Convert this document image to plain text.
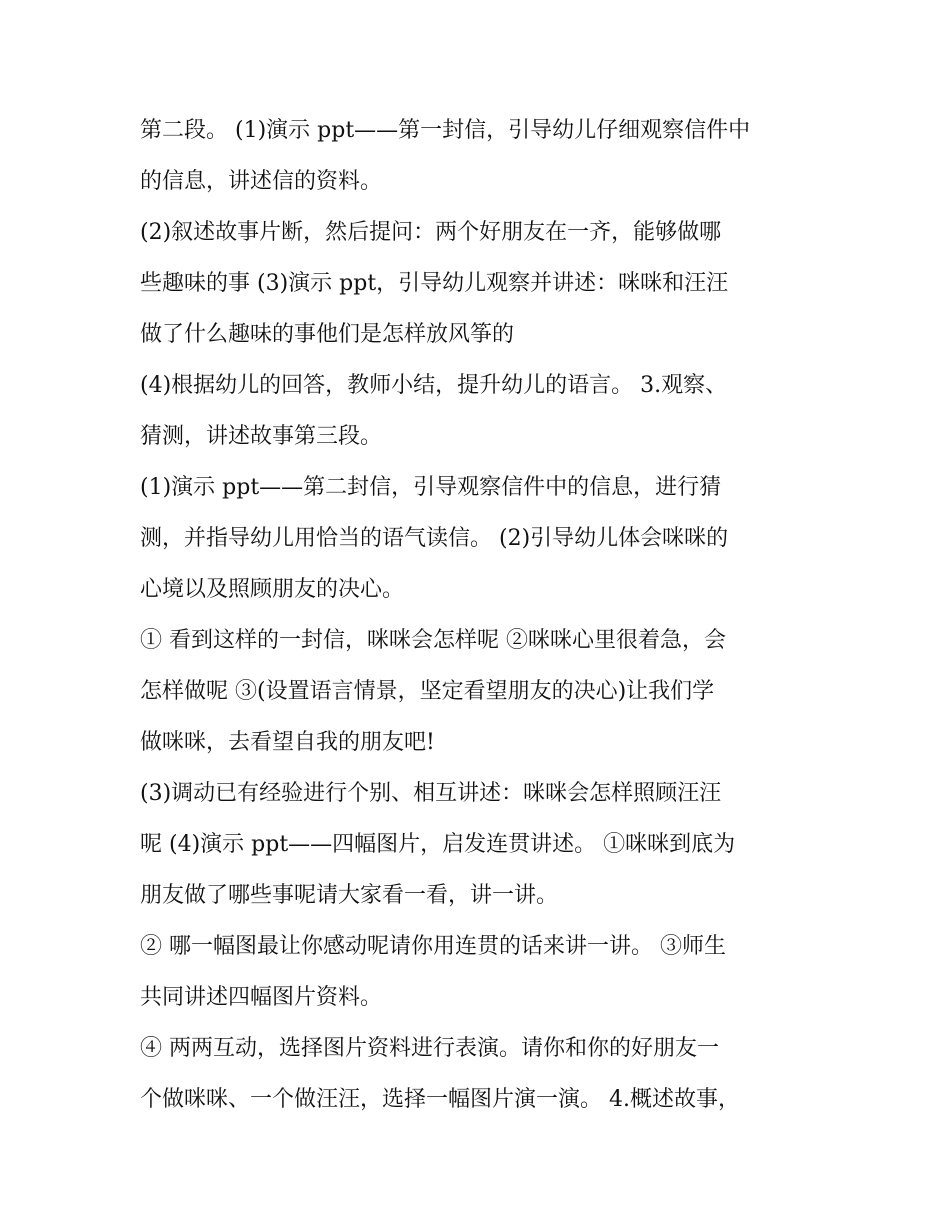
第二段。 (1)演示 ppt——第一封信，引导幼儿仔细观察信件中
的信息，讲述信的资料。
(2)叙述故事片断，然后提问：两个好朋友在一齐，能够做哪
些趣味的事 (3)演示 ppt，引导幼儿观察并讲述：咪咪和汪汪
做了什么趣味的事他们是怎样放风筝的
(4)根据幼儿的回答，教师小结，提升幼儿的语言。 3.观察、
猜测，讲述故事第三段。
(1)演示 ppt——第二封信，引导观察信件中的信息，进行猜
测，并指导幼儿用恰当的语气读信。 (2)引导幼儿体会咪咪的
心境以及照顾朋友的决心。
① 看到这样的一封信，咪咪会怎样呢 ②咪咪心里很着急，会
怎样做呢 ③(设置语言情景，坚定看望朋友的决心)让我们学
做咪咪，去看望自我的朋友吧!
(3)调动已有经验进行个别、相互讲述：咪咪会怎样照顾汪汪
呢 (4)演示 ppt——四幅图片，启发连贯讲述。 ①咪咪到底为
朋友做了哪些事呢请大家看一看，讲一讲。
② 哪一幅图最让你感动呢请你用连贯的话来讲一讲。 ③师生
共同讲述四幅图片资料。
④ 两两互动，选择图片资料进行表演。请你和你的好朋友一
个做咪咪、一个做汪汪，选择一幅图片演一演。 4.概述故事，
